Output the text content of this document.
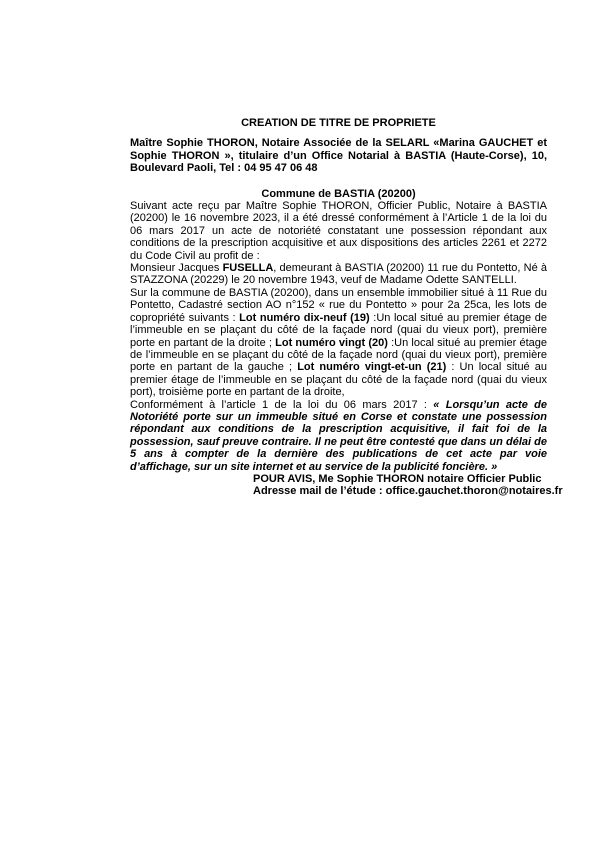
CREATION DE TITRE DE PROPRIETE

Maître Sophie THORON, Notaire Associée de la SELARL «Marina GAUCHET et Sophie THORON », titulaire d’un Office Notarial à BASTIA (Haute-Corse), 10, Boulevard Paoli, Tel : 04 95 47 06 48

Commune de BASTIA (20200)

Suivant acte reçu par Maître Sophie THORON, Officier Public, Notaire à BASTIA (20200) le 16 novembre 2023, il a été dressé conformément à l’Article 1 de la loi du 06 mars 2017 un acte de notoriété constatant une possession répondant aux conditions de la prescription acquisitive et aux dispositions des articles 2261 et 2272 du Code Civil au profit de :

Monsieur Jacques FUSELLA, demeurant à BASTIA (20200) 11 rue du Pontetto, Né à STAZZONA (20229) le 20 novembre 1943, veuf de Madame Odette SANTELLI.

Sur la commune de BASTIA (20200), dans un ensemble immobilier situé à 11 Rue du Pontetto, Cadastré section AO n°152 « rue du Pontetto » pour 2a 25ca, les lots de copropriété suivants : Lot numéro dix-neuf (19) :Un local situé au premier étage de l’immeuble en se plaçant du côté de la façade nord (quai du vieux port), première porte en partant de la droite ; Lot numéro vingt (20) :Un local situé au premier étage de l’immeuble en se plaçant du côté de la façade nord (quai du vieux port), première porte en partant de la gauche ; Lot numéro vingt-et-un (21) : Un local situé au premier étage de l’immeuble en se plaçant du côté de la façade nord (quai du vieux port), troisième porte en partant de la droite,

Conformément à l’article 1 de la loi du 06 mars 2017 : « Lorsqu’un acte de Notoriété porte sur un immeuble situé en Corse et constate une possession répondant aux conditions de la prescription acquisitive, il fait foi de la possession, sauf preuve contraire. Il ne peut être contesté que dans un délai de 5 ans à compter de la dernière des publications de cet acte par voie d’affichage, sur un site internet et au service de la publicité foncière. »

POUR AVIS, Me Sophie THORON notaire Officier Public
Adresse mail de l’étude : office.gauchet.thoron@notaires.fr
